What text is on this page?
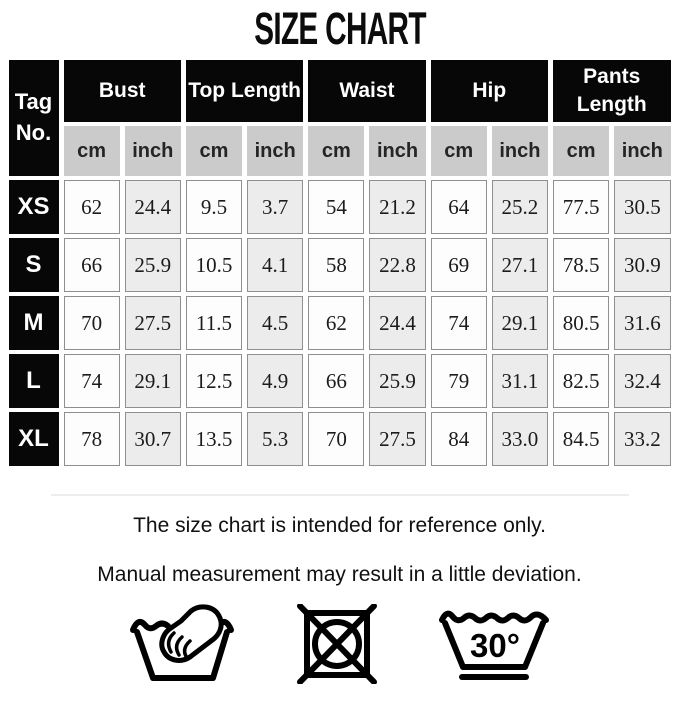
SIZE CHART
Tag No.	Bust		Top Length		Waist		Hip		Pants Length	
	cm	inch	cm	inch	cm	inch	cm	inch	cm	inch
XS	62	24.4	9.5	3.7	54	21.2	64	25.2	77.5	30.5
S	66	25.9	10.5	4.1	58	22.8	69	27.1	78.5	30.9
M	70	27.5	11.5	4.5	62	24.4	74	29.1	80.5	31.6
L	74	29.1	12.5	4.9	66	25.9	79	31.1	82.5	32.4
XL	78	30.7	13.5	5.3	70	27.5	84	33.0	84.5	33.2

The size chart is intended for reference only.

Manual measurement may result in a little deviation.

30°
